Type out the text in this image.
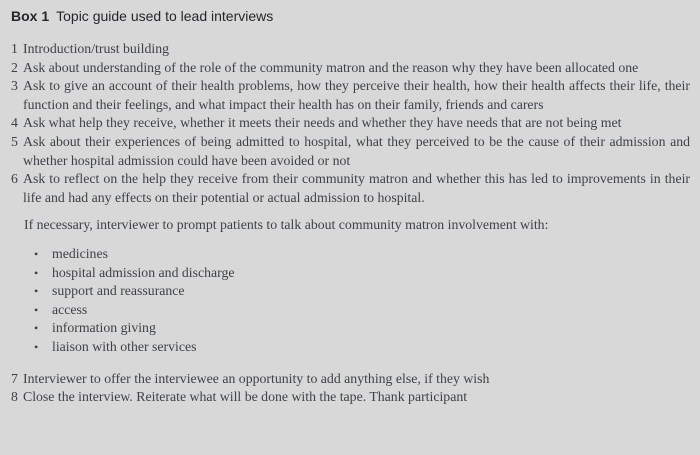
Box 1 Topic guide used to lead interviews

1 Introduction/trust building
2 Ask about understanding of the role of the community matron and the reason why they have been allocated one
3 Ask to give an account of their health problems, how they perceive their health, how their health affects their life, their function and their feelings, and what impact their health has on their family, friends and carers
4 Ask what help they receive, whether it meets their needs and whether they have needs that are not being met
5 Ask about their experiences of being admitted to hospital, what they perceived to be the cause of their admission and whether hospital admission could have been avoided or not
6 Ask to reflect on the help they receive from their community matron and whether this has led to improvements in their life and had any effects on their potential or actual admission to hospital.

If necessary, interviewer to prompt patients to talk about community matron involvement with:

• medicines
• hospital admission and discharge
• support and reassurance
• access
• information giving
• liaison with other services
7 Interviewer to offer the interviewee an opportunity to add anything else, if they wish
8 Close the interview. Reiterate what will be done with the tape. Thank participant
